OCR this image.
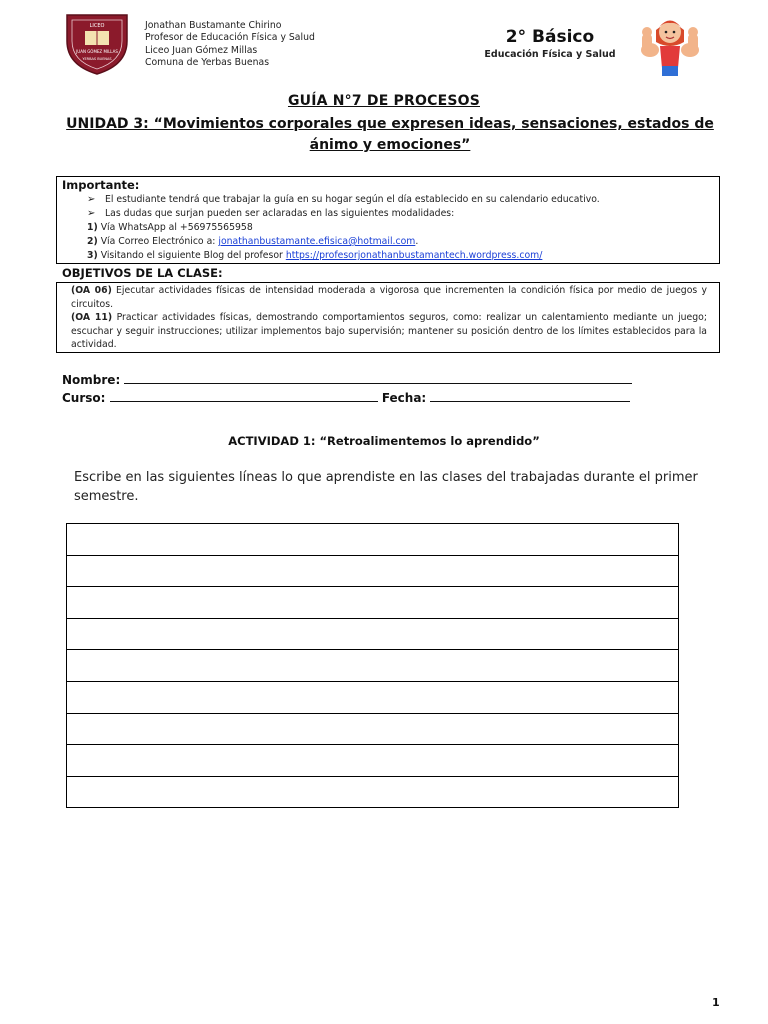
LICEO
JUAN GÓMEZ MILLAS
YERBAS BUENAS
Jonathan Bustamante Chirino
Profesor de Educación Física y Salud
Liceo Juan Gómez Millas
Comuna de Yerbas Buenas
2° Básico
Educación Física y Salud
GUÍA N°7 DE PROCESOS
UNIDAD 3: “Movimientos corporales que expresen ideas, sensaciones, estados de ánimo y emociones”
Importante:
➢ El estudiante tendrá que trabajar la guía en su hogar según el día establecido en su calendario educativo.
➢ Las dudas que surjan pueden ser aclaradas en las siguientes modalidades:
1) Vía WhatsApp al +56975565958
2) Vía Correo Electrónico a: jonathanbustamante.efisica@hotmail.com.
3) Visitando el siguiente Blog del profesor https://profesorjonathanbustamantech.wordpress.com/
OBJETIVOS DE LA CLASE:
(OA 06) Ejecutar actividades físicas de intensidad moderada a vigorosa que incrementen la condición física por medio de juegos y circuitos.
(OA 11) Practicar actividades físicas, demostrando comportamientos seguros, como: realizar un calentamiento mediante un juego; escuchar y seguir instrucciones; utilizar implementos bajo supervisión; mantener su posición dentro de los límites establecidos para la actividad.
Nombre:
Curso:	Fecha:
ACTIVIDAD 1: “Retroalimentemos lo aprendido”
Escribe en las siguientes líneas lo que aprendiste en las clases del trabajadas durante el primer semestre.
1
